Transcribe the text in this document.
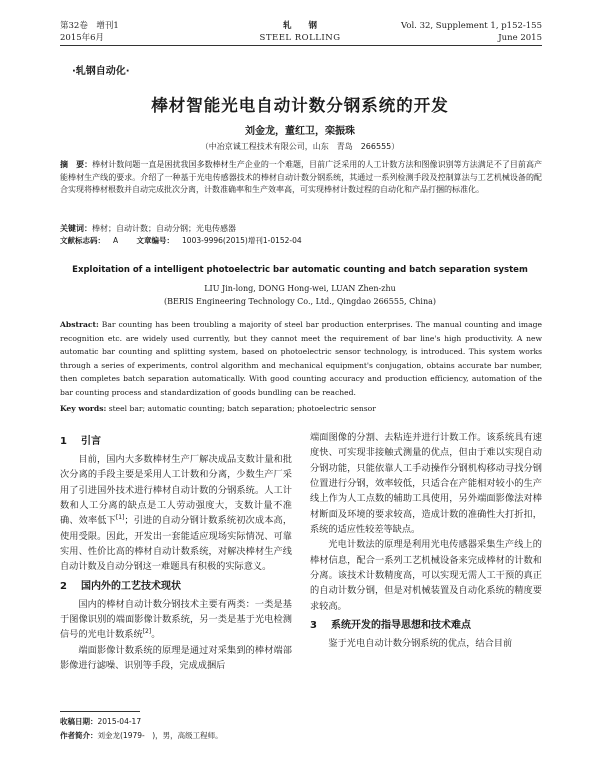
第32卷　增刊1
2015年6月
轧　　钢
STEEL ROLLING
Vol. 32, Supplement 1, p152-155
June 2015
·轧钢自动化·
棒材智能光电自动计数分钢系统的开发
刘金龙，董红卫，栾振珠
（中冶京诚工程技术有限公司，山东　青岛　266555）
摘　要：棒材计数问题一直是困扰我国多数棒材生产企业的一个难题，目前广泛采用的人工计数方法和图像识别等方法满足不了目前高产能棒材生产线的要求。介绍了一种基于光电传感器技术的棒材自动计数分钢系统，其通过一系列检测手段及控制算法与工艺机械设备的配合实现将棒材根数并自动完成批次分离，计数准确率和生产效率高，可实现棒材计数过程的自动化和产品打捆的标准化。
关键词：棒材；自动计数；自动分钢；光电传感器
文献标志码： A 文章编号： 1003-9996(2015)增刊1-0152-04
Exploitation of a intelligent photoelectric bar automatic counting and batch separation system
LIU Jin-long, DONG Hong-wei, LUAN Zhen-zhu
(BERIS Engineering Technology Co., Ltd., Qingdao 266555, China)
Abstract: Bar counting has been troubling a majority of steel bar production enterprises. The manual counting and image recognition etc. are widely used currently, but they cannot meet the requirement of bar line's high productivity. A new automatic bar counting and splitting system, based on photoelectric sensor technology, is introduced. This system works through a series of experiments, control algorithm and mechanical equipment's conjugation, obtains accurate bar number, then completes batch separation automatically. With good counting accuracy and production efficiency, automation of the bar counting process and standardization of goods bundling can be reached.
Key words: steel bar; automatic counting; batch separation; photoelectric sensor
1 引言

目前，国内大多数棒材生产厂解决成品支数计量和批次分离的手段主要是采用人工计数和分离，少数生产厂采用了引进国外技术进行棒材自动计数的分钢系统。人工计数和人工分离的缺点是工人劳动强度大，支数计量不准确、效率低下[1]；引进的自动分钢计数系统初次成本高，使用受限。因此，开发出一套能适应现场实际情况、可靠实用、性价比高的棒材自动计数系统，对解决棒材生产线自动计数及自动分钢这一难题具有积极的实际意义。

2 国内外的工艺技术现状

国内的棒材自动计数分钢技术主要有两类：一类是基于图像识别的端面影像计数系统，另一类是基于光电检测信号的光电计数系统[2]。

端面影像计数系统的原理是通过对采集到的棒材端部影像进行滤噪、识别等手段，完成成捆后

端面图像的分割、去粘连并进行计数工作。该系统具有速度快、可实现非接触式测量的优点，但由于难以实现自动分钢功能，只能依靠人工手动操作分钢机构移动寻找分钢位置进行分钢，效率较低，只适合在产能相对较小的生产线上作为人工点数的辅助工具使用，另外端面影像法对棒材断面及环境的要求较高，造成计数的准确性大打折扣，系统的适应性较差等缺点。

光电计数法的原理是利用光电传感器采集生产线上的棒材信息，配合一系列工艺机械设备来完成棒材的计数和分离。该技术计数精度高，可以实现无需人工干预的真正的自动计数分钢，但是对机械装置及自动化系统的精度要求较高。

3 系统开发的指导思想和技术难点

鉴于光电自动计数分钢系统的优点，结合目前

收稿日期：2015-04-17
作者简介：刘金龙(1979-　)，男，高级工程师。
